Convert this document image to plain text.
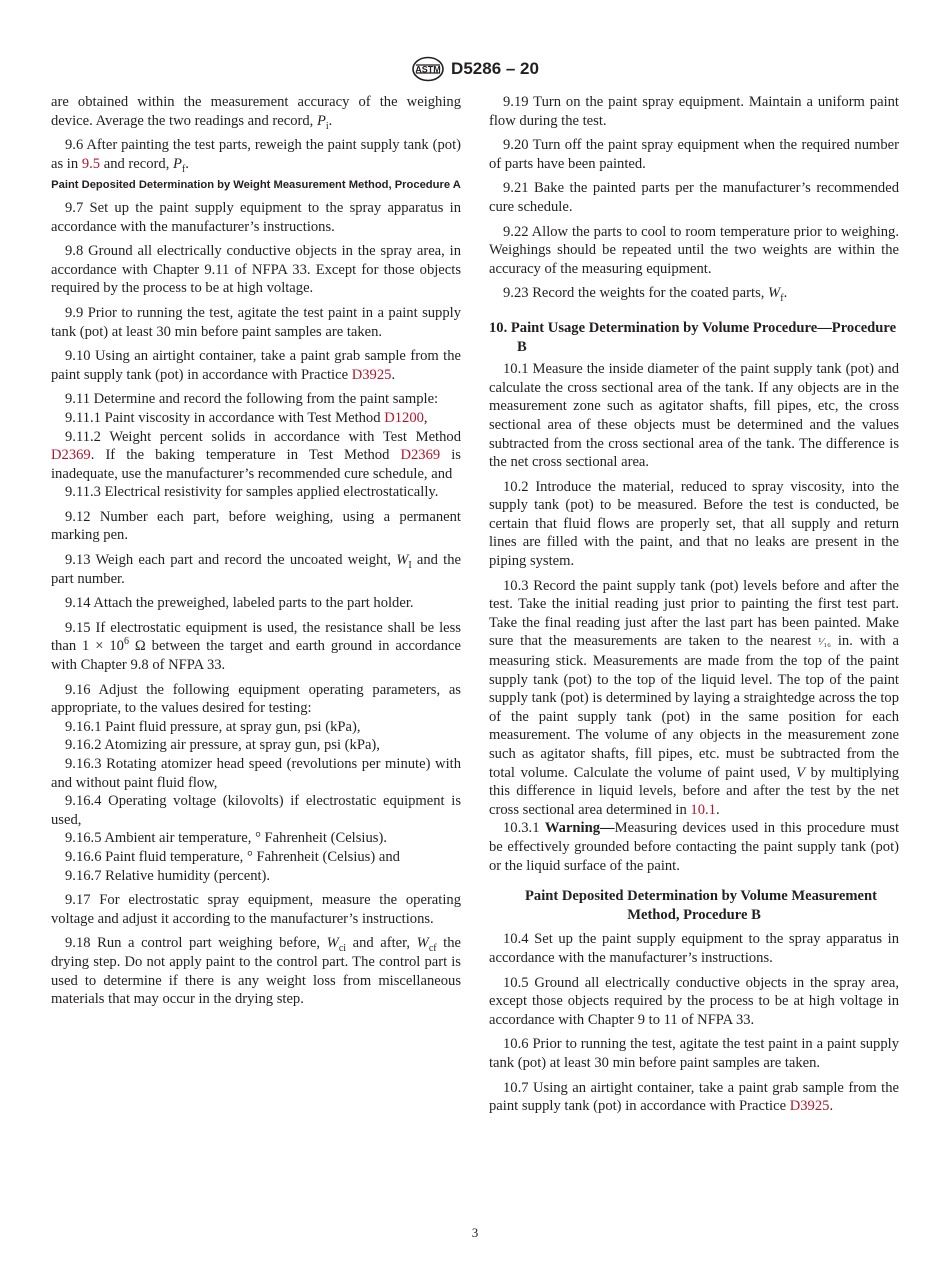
ASTM D5286 – 20

are obtained within the measurement accuracy of the weighing device. Average the two readings and record, $P_i$.

9.6 After painting the test parts, reweigh the paint supply tank (pot) as in 9.5 and record, $P_f$.

Paint Deposited Determination by Weight Measurement Method, Procedure A

9.7 Set up the paint supply equipment to the spray apparatus in accordance with the manufacturer’s instructions.

9.8 Ground all electrically conductive objects in the spray area, in accordance with Chapter 9.11 of NFPA 33. Except for those objects required by the process to be at high voltage.

9.9 Prior to running the test, agitate the test paint in a paint supply tank (pot) at least 30 min before paint samples are taken.

9.10 Using an airtight container, take a paint grab sample from the paint supply tank (pot) in accordance with Practice D3925.

9.11 Determine and record the following from the paint sample:

9.11.1 Paint viscosity in accordance with Test Method D1200,

9.11.2 Weight percent solids in accordance with Test Method D2369. If the baking temperature in Test Method D2369 is inadequate, use the manufacturer’s recommended cure schedule, and

9.11.3 Electrical resistivity for samples applied electrostatically.

9.12 Number each part, before weighing, using a permanent marking pen.

9.13 Weigh each part and record the uncoated weight, $W_I$ and the part number.

9.14 Attach the preweighed, labeled parts to the part holder.

9.15 If electrostatic equipment is used, the resistance shall be less than $1 \times 10^6$ Ω between the target and earth ground in accordance with Chapter 9.8 of NFPA 33.

9.16 Adjust the following equipment operating parameters, as appropriate, to the values desired for testing:

9.16.1 Paint fluid pressure, at spray gun, psi (kPa),

9.16.2 Atomizing air pressure, at spray gun, psi (kPa),

9.16.3 Rotating atomizer head speed (revolutions per minute) with and without paint fluid flow,

9.16.4 Operating voltage (kilovolts) if electrostatic equipment is used,

9.16.5 Ambient air temperature, ° Fahrenheit (Celsius).

9.16.6 Paint fluid temperature, ° Fahrenheit (Celsius) and

9.16.7 Relative humidity (percent).

9.17 For electrostatic spray equipment, measure the operating voltage and adjust it according to the manufacturer’s instructions.

9.18 Run a control part weighing before, $W_{ci}$ and after, $W_{cf}$ the drying step. Do not apply paint to the control part. The control part is used to determine if there is any weight loss from miscellaneous materials that may occur in the drying step.

9.19 Turn on the paint spray equipment. Maintain a uniform paint flow during the test.

9.20 Turn off the paint spray equipment when the required number of parts have been painted.

9.21 Bake the painted parts per the manufacturer’s recommended cure schedule.

9.22 Allow the parts to cool to room temperature prior to weighing. Weighings should be repeated until the two weights are within the accuracy of the measuring equipment.

9.23 Record the weights for the coated parts, $W_f$.

10. Paint Usage Determination by Volume Procedure—Procedure B

10.1 Measure the inside diameter of the paint supply tank (pot) and calculate the cross sectional area of the tank. If any objects are in the measurement zone such as agitator shafts, fill pipes, etc, the cross sectional area of these objects must be determined and the values subtracted from the cross sectional area of the tank. The difference is the net cross sectional area.

10.2 Introduce the material, reduced to spray viscosity, into the supply tank (pot) to be measured. Before the test is conducted, be certain that fluid flows are properly set, that all supply and return lines are filled with the paint, and that no leaks are present in the piping system.

10.3 Record the paint supply tank (pot) levels before and after the test. Take the initial reading just prior to painting the first test part. Take the final reading just after the last part has been painted. Make sure that the measurements are taken to the nearest ¹⁄₁₆ in. with a measuring stick. Measurements are made from the top of the paint supply tank (pot) to the top of the liquid level. The top of the paint supply tank (pot) is determined by laying a straightedge across the top of the paint supply tank (pot) in the same position for each measurement. The volume of any objects in the measurement zone such as agitator shafts, fill pipes, etc. must be subtracted from the total volume. Calculate the volume of paint used, V by multiplying this difference in liquid levels, before and after the test by the net cross sectional area determined in 10.1.

10.3.1 Warning—Measuring devices used in this procedure must be effectively grounded before contacting the paint supply tank (pot) or the liquid surface of the paint.

Paint Deposited Determination by Volume Measurement Method, Procedure B

10.4 Set up the paint supply equipment to the spray apparatus in accordance with the manufacturer’s instructions.

10.5 Ground all electrically conductive objects in the spray area, except those objects required by the process to be at high voltage in accordance with Chapter 9 to 11 of NFPA 33.

10.6 Prior to running the test, agitate the test paint in a paint supply tank (pot) at least 30 min before paint samples are taken.

10.7 Using an airtight container, take a paint grab sample from the paint supply tank (pot) in accordance with Practice D3925.

3
